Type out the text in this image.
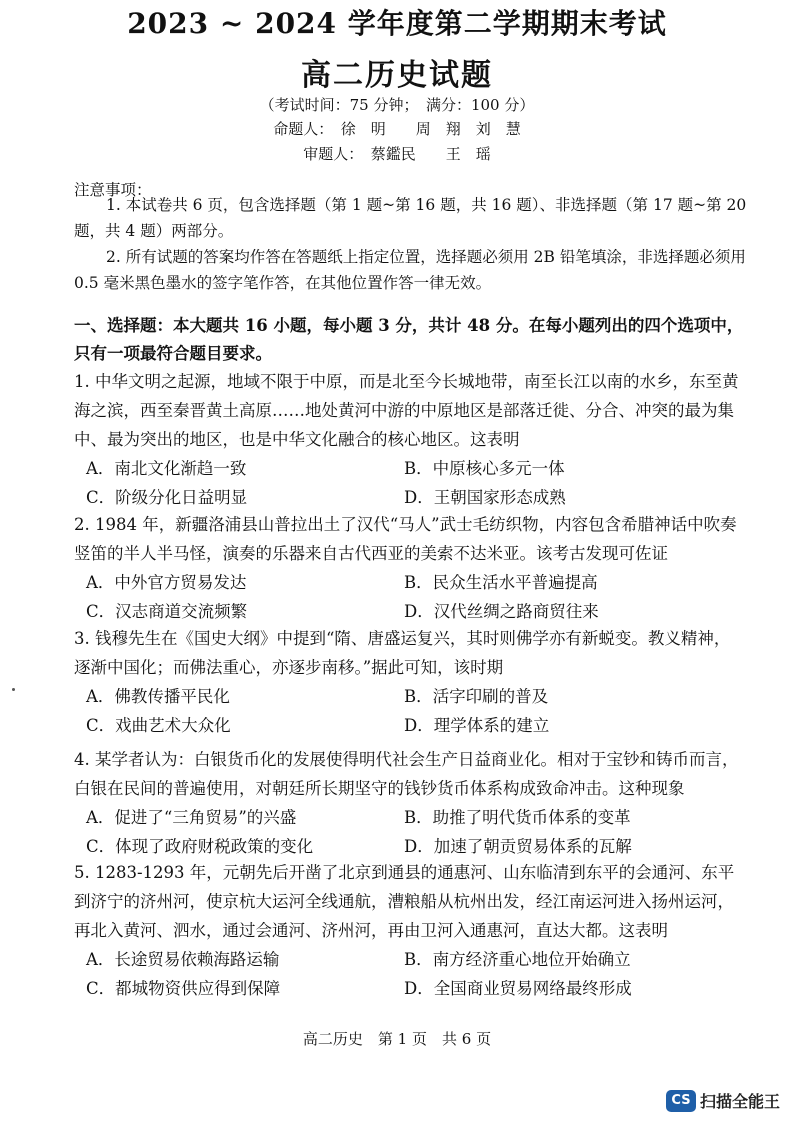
2023 ~ 2024 学年度第二学期期末考试
高二历史试题
（考试时间：75 分钟；　满分：100 分）
命题人：　徐　明　　周　翔　刘　慧
审题人：　蔡鑑民　　王　瑶
注意事项：
1. 本试卷共 6 页，包含选择题（第 1 题~第 16 题，共 16 题）、非选择题（第 17 题~第 20 题，共 4 题）两部分。
2. 所有试题的答案均作答在答题纸上指定位置，选择题必须用 2B 铅笔填涂，非选择题必须用 0.5 毫米黑色墨水的签字笔作答，在其他位置作答一律无效。
一、选择题：本大题共 16 小题，每小题 3 分，共计 48 分。在每小题列出的四个选项中，只有一项最符合题目要求。

1. 中华文明之起源，地域不限于中原，而是北至今长城地带，南至长江以南的水乡，东至黄海之滨，西至秦晋黄土高原……地处黄河中游的中原地区是部落迁徙、分合、冲突的最为集中、最为突出的地区，也是中华文化融合的核心地区。这表明

A．南北文化渐趋一致	B．中原核心多元一体
C．阶级分化日益明显	D．王朝国家形态成熟

2. 1984 年，新疆洛浦县山普拉出土了汉代“马人”武士毛纺织物，内容包含希腊神话中吹奏竖笛的半人半马怪，演奏的乐器来自古代西亚的美索不达米亚。该考古发现可佐证

A．中外官方贸易发达	B．民众生活水平普遍提高
C．汉志商道交流频繁	D．汉代丝绸之路商贸往来

3. 钱穆先生在《国史大纲》中提到“隋、唐盛运复兴，其时则佛学亦有新蜕变。教义精神，逐渐中国化；而佛法重心，亦逐步南移。”据此可知，该时期

A．佛教传播平民化	B．活字印刷的普及
C．戏曲艺术大众化	D．理学体系的建立

4. 某学者认为：白银货币化的发展使得明代社会生产日益商业化。相对于宝钞和铸币而言，白银在民间的普遍使用，对朝廷所长期坚守的钱钞货币体系构成致命冲击。这种现象

A．促进了“三角贸易”的兴盛	B．助推了明代货币体系的变革
C．体现了政府财税政策的变化	D．加速了朝贡贸易体系的瓦解

5. 1283-1293 年，元朝先后开凿了北京到通县的通惠河、山东临清到东平的会通河、东平到济宁的济州河，使京杭大运河全线通航，漕粮船从杭州出发，经江南运河进入扬州运河，再北入黄河、泗水，通过会通河、济州河，再由卫河入通惠河，直达大都。这表明

A．长途贸易依赖海路运输	B．南方经济重心地位开始确立
C．都城物资供应得到保障	D．全国商业贸易网络最终形成
高二历史　第 1 页　共 6 页
CS 扫描全能王
